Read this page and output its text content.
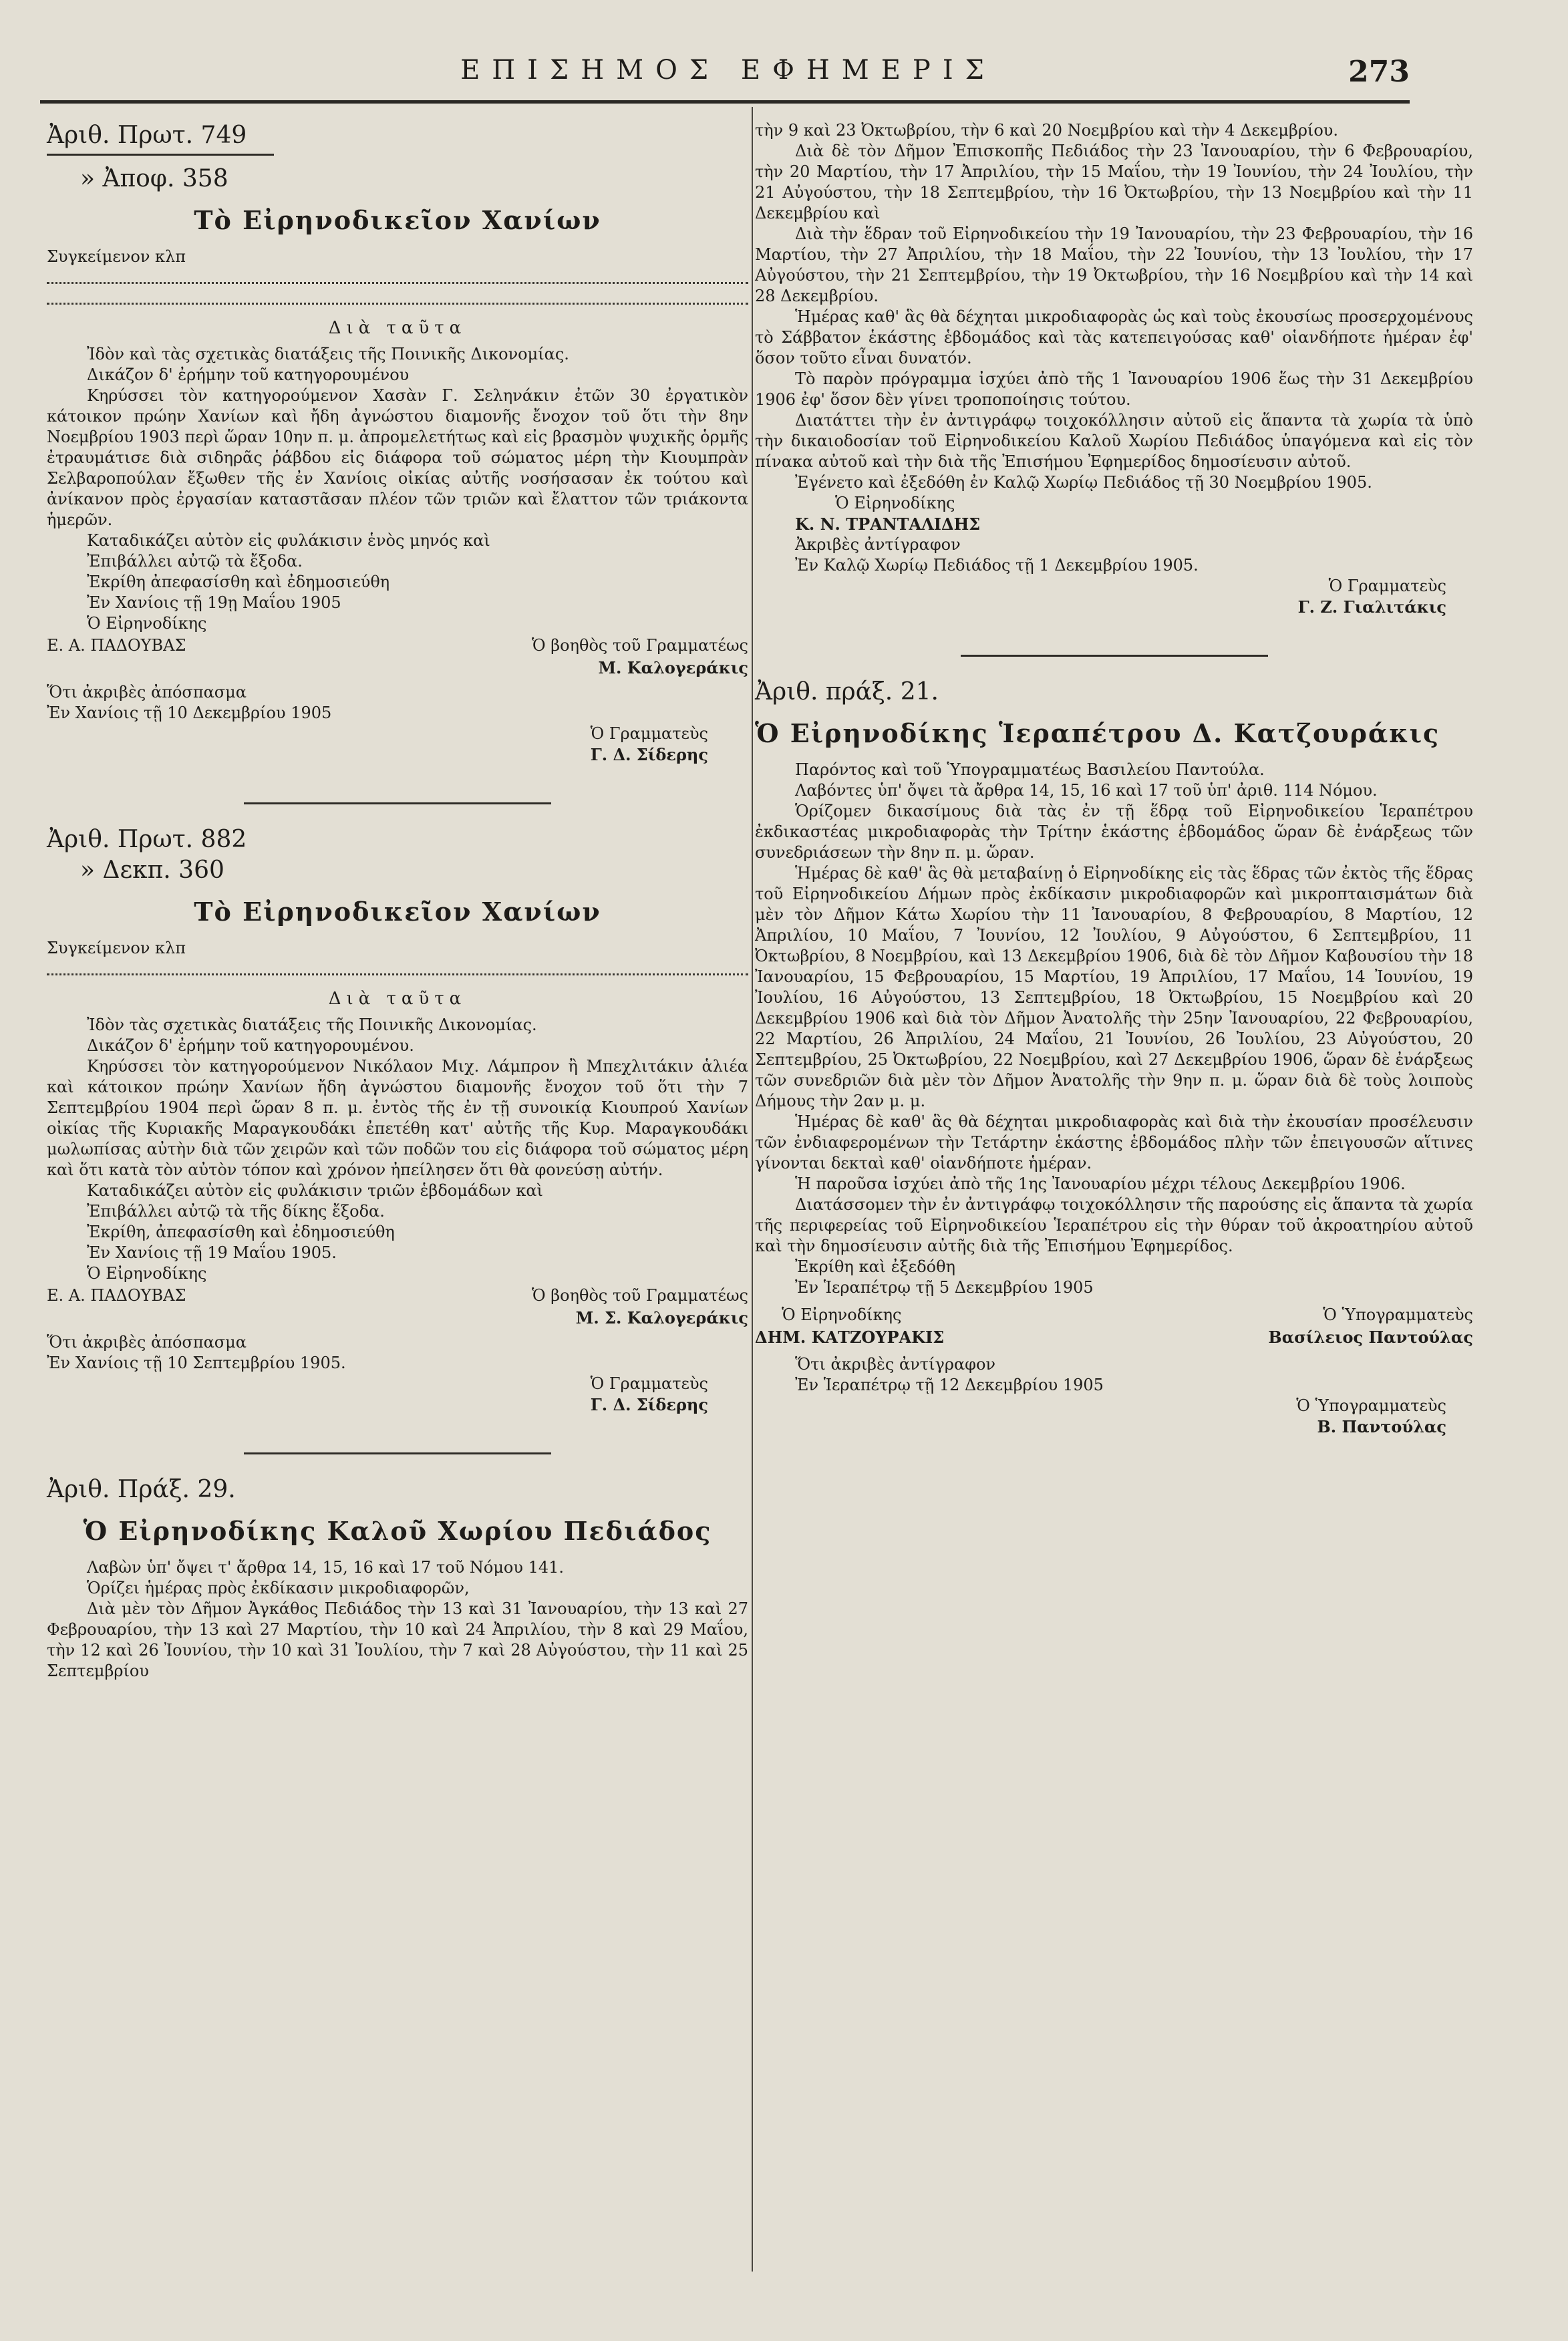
ΕΠΙΣΗΜΟΣ ΕΦΗΜΕΡΙΣ	273
Ἀριθ. Πρωτ. 749
» Ἀποφ. 358
Τὸ Εἰρηνοδικεῖον Χανίων
Συγκείμενον κλπ
Διὰ ταῦτα

Ἰδὸν καὶ τὰς σχετικὰς διατάξεις τῆς Ποινικῆς Δικονομίας.

Δικάζον δ' ἐρήμην τοῦ κατηγορουμένου

Κηρύσσει τὸν κατηγορούμενον Χασὰν Γ. Σεληνάκιν ἐτῶν 30 ἐργατικὸν κάτοικον πρώην Χανίων καὶ ἤδη ἀγνώστου διαμονῆς ἔνοχον τοῦ ὅτι τὴν 8ην Νοεμβρίου 1903 περὶ ὥραν 10ην π. μ. ἀπρομελετήτως καὶ εἰς βρασμὸν ψυχικῆς ὁρμῆς ἐτραυμάτισε διὰ σιδηρᾶς ῥάβδου εἰς διάφορα τοῦ σώματος μέρη τὴν Κιουμπρὰν Σελβαροπούλαν ἔξωθεν τῆς ἐν Χανίοις οἰκίας αὐτῆς νοσήσασαν ἐκ τούτου καὶ ἀνίκανον πρὸς ἐργασίαν καταστᾶσαν πλέον τῶν τριῶν καὶ ἔλαττον τῶν τριάκοντα ἡμερῶν.

Καταδικάζει αὐτὸν εἰς φυλάκισιν ἑνὸς μηνός καὶ

Ἐπιβάλλει αὐτῷ τὰ ἔξοδα.

Ἐκρίθη ἀπεφασίσθη καὶ ἐδημοσιεύθη

Ἐν Χανίοις τῇ 19ῃ Μαΐου 1905

Ὁ Εἰρηνοδίκης

Ε. Α. ΠΑΔΟΥΒΑΣ	Ὁ βοηθὸς τοῦ Γραμματέως
Μ. Καλογεράκις

Ὅτι ἀκριβὲς ἀπόσπασμα

Ἐν Χανίοις τῇ 10 Δεκεμβρίου 1905

Ὁ Γραμματεὺς
Γ. Δ. Σίδερης
Ἀριθ. Πρωτ. 882
» Δεκπ. 360
Τὸ Εἰρηνοδικεῖον Χανίων
Συγκείμενον κλπ
Διὰ ταῦτα

Ἰδὸν τὰς σχετικὰς διατάξεις τῆς Ποινικῆς Δικονομίας.

Δικάζον δ' ἐρήμην τοῦ κατηγορουμένου.

Κηρύσσει τὸν κατηγορούμενον Νικόλαον Μιχ. Λάμπρον ἢ Μπεχλιτάκιν ἁλιέα καὶ κάτοικον πρώην Χανίων ἤδη ἀγνώστου διαμονῆς ἔνοχον τοῦ ὅτι τὴν 7 Σεπτεμβρίου 1904 περὶ ὥραν 8 π. μ. ἐντὸς τῆς ἐν τῇ συνοικίᾳ Κιουπρού Χανίων οἰκίας τῆς Κυριακῆς Μαραγκουδάκι ἐπετέθη κατ' αὐτῆς τῆς Κυρ. Μαραγκουδάκι μωλωπίσας αὐτὴν διὰ τῶν χειρῶν καὶ τῶν ποδῶν του εἰς διάφορα τοῦ σώματος μέρη καὶ ὅτι κατὰ τὸν αὐτὸν τόπον καὶ χρόνον ἠπείλησεν ὅτι θὰ φονεύσῃ αὐτήν.

Καταδικάζει αὐτὸν εἰς φυλάκισιν τριῶν ἑβδομάδων καὶ

Ἐπιβάλλει αὐτῷ τὰ τῆς δίκης ἔξοδα.

Ἐκρίθη, ἀπεφασίσθη καὶ ἐδημοσιεύθη

Ἐν Χανίοις τῇ 19 Μαΐου 1905.

Ὁ Εἰρηνοδίκης

Ε. Α. ΠΑΔΟΥΒΑΣ	Ὁ βοηθὸς τοῦ Γραμματέως
Μ. Σ. Καλογεράκις

Ὅτι ἀκριβὲς ἀπόσπασμα

Ἐν Χανίοις τῇ 10 Σεπτεμβρίου 1905.

Ὁ Γραμματεὺς
Γ. Δ. Σίδερης
Ἀριθ. Πράξ. 29.
Ὁ Εἰρηνοδίκης Καλοῦ Χωρίου Πεδιάδος

Λαβὼν ὑπ' ὄψει τ' ἄρθρα 14, 15, 16 καὶ 17 τοῦ Νόμου 141.

Ὁρίζει ἡμέρας πρὸς ἐκδίκασιν μικροδιαφορῶν,

Διὰ μὲν τὸν Δῆμον Ἀγκάθος Πεδιάδος τὴν 13 καὶ 31 Ἰανουαρίου, τὴν 13 καὶ 27 Φεβρουαρίου, τὴν 13 καὶ 27 Μαρτίου, τὴν 10 καὶ 24 Ἀπριλίου, τὴν 8 καὶ 29 Μαΐου, τὴν 12 καὶ 26 Ἰουνίου, τὴν 10 καὶ 31 Ἰουλίου, τὴν 7 καὶ 28 Αὐγούστου, τὴν 11 καὶ 25 Σεπτεμβρίου

τὴν 9 καὶ 23 Ὀκτωβρίου, τὴν 6 καὶ 20 Νοεμβρίου καὶ τὴν 4 Δεκεμβρίου.

Διὰ δὲ τὸν Δῆμον Ἐπισκοπῆς Πεδιάδος τὴν 23 Ἰανουαρίου, τὴν 6 Φεβρουαρίου, τὴν 20 Μαρτίου, τὴν 17 Ἀπριλίου, τὴν 15 Μαΐου, τὴν 19 Ἰουνίου, τὴν 24 Ἰουλίου, τὴν 21 Αὐγούστου, τὴν 18 Σεπτεμβρίου, τὴν 16 Ὀκτωβρίου, τὴν 13 Νοεμβρίου καὶ τὴν 11 Δεκεμβρίου καὶ

Διὰ τὴν ἕδραν τοῦ Εἰρηνοδικείου τὴν 19 Ἰανουαρίου, τὴν 23 Φεβρουαρίου, τὴν 16 Μαρτίου, τὴν 27 Ἀπριλίου, τὴν 18 Μαΐου, τὴν 22 Ἰουνίου, τὴν 13 Ἰουλίου, τὴν 17 Αὐγούστου, τὴν 21 Σεπτεμβρίου, τὴν 19 Ὀκτωβρίου, τὴν 16 Νοεμβρίου καὶ τὴν 14 καὶ 28 Δεκεμβρίου.

Ἡμέρας καθ' ἃς θὰ δέχηται μικροδιαφορὰς ὡς καὶ τοὺς ἐκουσίως προσερχομένους τὸ Σάββατον ἑκάστης ἑβδομάδος καὶ τὰς κατεπειγούσας καθ' οἱανδήποτε ἡμέραν ἐφ' ὅσον τοῦτο εἶναι δυνατόν.

Τὸ παρὸν πρόγραμμα ἰσχύει ἀπὸ τῆς 1 Ἰανουαρίου 1906 ἕως τὴν 31 Δεκεμβρίου 1906 ἐφ' ὅσον δὲν γίνει τροποποίησις τούτου.

Διατάττει τὴν ἐν ἀντιγράφῳ τοιχοκόλλησιν αὐτοῦ εἰς ἅπαντα τὰ χωρία τὰ ὑπὸ τὴν δικαιοδοσίαν τοῦ Εἰρηνοδικείου Καλοῦ Χωρίου Πεδιάδος ὑπαγόμενα καὶ εἰς τὸν πίνακα αὐτοῦ καὶ τὴν διὰ τῆς Ἐπισήμου Ἐφημερίδος δημοσίευσιν αὐτοῦ.

Ἐγένετο καὶ ἐξεδόθη ἐν Καλῷ Χωρίῳ Πεδιάδος τῇ 30 Νοεμβρίου 1905.

Ὁ Εἰρηνοδίκης
Κ. Ν. ΤΡΑΝΤΑΛΙΔΗΣ

Ἀκριβὲς ἀντίγραφον

Ἐν Καλῷ Χωρίῳ Πεδιάδος τῇ 1 Δεκεμβρίου 1905.

Ὁ Γραμματεὺς
Γ. Ζ. Γιαλιτάκις
Ἀριθ. πράξ. 21.
Ὁ Εἰρηνοδίκης Ἱεραπέτρου Δ. Κατζουράκις

Παρόντος καὶ τοῦ Ὑπογραμματέως Βασιλείου Παντούλα.

Λαβόντες ὑπ' ὄψει τὰ ἄρθρα 14, 15, 16 καὶ 17 τοῦ ὑπ' ἀριθ. 114 Νόμου.

Ὁρίζομεν δικασίμους διὰ τὰς ἐν τῇ ἕδρᾳ τοῦ Εἰρηνοδικείου Ἱεραπέτρου ἐκδικαστέας μικροδιαφορὰς τὴν Τρίτην ἑκάστης ἑβδομάδος ὥραν δὲ ἐνάρξεως τῶν συνεδριάσεων τὴν 8ην π. μ. ὥραν.

Ἡμέρας δὲ καθ' ἃς θὰ μεταβαίνῃ ὁ Εἰρηνοδίκης εἰς τὰς ἕδρας τῶν ἐκτὸς τῆς ἕδρας τοῦ Εἰρηνοδικείου Δήμων πρὸς ἐκδίκασιν μικροδιαφορῶν καὶ μικροπταισμάτων διὰ μὲν τὸν Δῆμον Κάτω Χωρίου τὴν 11 Ἰανουαρίου, 8 Φεβρουαρίου, 8 Μαρτίου, 12 Ἀπριλίου, 10 Μαΐου, 7 Ἰουνίου, 12 Ἰουλίου, 9 Αὐγούστου, 6 Σεπτεμβρίου, 11 Ὀκτωβρίου, 8 Νοεμβρίου, καὶ 13 Δεκεμβρίου 1906, διὰ δὲ τὸν Δῆμον Καβουσίου τὴν 18 Ἰανουαρίου, 15 Φεβρουαρίου, 15 Μαρτίου, 19 Ἀπριλίου, 17 Μαΐου, 14 Ἰουνίου, 19 Ἰουλίου, 16 Αὐγούστου, 13 Σεπτεμβρίου, 18 Ὀκτωβρίου, 15 Νοεμβρίου καὶ 20 Δεκεμβρίου 1906 καὶ διὰ τὸν Δῆμον Ἀνατολῆς τὴν 25ην Ἰανουαρίου, 22 Φεβρουαρίου, 22 Μαρτίου, 26 Ἀπριλίου, 24 Μαΐου, 21 Ἰουνίου, 26 Ἰουλίου, 23 Αὐγούστου, 20 Σεπτεμβρίου, 25 Ὀκτωβρίου, 22 Νοεμβρίου, καὶ 27 Δεκεμβρίου 1906, ὥραν δὲ ἐνάρξεως τῶν συνεδριῶν διὰ μὲν τὸν Δῆμον Ἀνατολῆς τὴν 9ην π. μ. ὥραν διὰ δὲ τοὺς λοιποὺς Δήμους τὴν 2αν μ. μ.

Ἡμέρας δὲ καθ' ἃς θὰ δέχηται μικροδιαφορὰς καὶ διὰ τὴν ἐκουσίαν προσέλευσιν τῶν ἐνδιαφερομένων τὴν Τετάρτην ἑκάστης ἑβδομάδος πλὴν τῶν ἐπειγουσῶν αἵτινες γίνονται δεκταὶ καθ' οἱανδήποτε ἡμέραν.

Ἡ παροῦσα ἰσχύει ἀπὸ τῆς 1ης Ἰανουαρίου μέχρι τέλους Δεκεμβρίου 1906.

Διατάσσομεν τὴν ἐν ἀντιγράφῳ τοιχοκόλλησιν τῆς παρούσης εἰς ἅπαντα τὰ χωρία τῆς περιφερείας τοῦ Εἰρηνοδικείου Ἱεραπέτρου εἰς τὴν θύραν τοῦ ἀκροατηρίου αὐτοῦ καὶ τὴν δημοσίευσιν αὐτῆς διὰ τῆς Ἐπισήμου Ἐφημερίδος.

Ἐκρίθη καὶ ἐξεδόθη

Ἐν Ἱεραπέτρῳ τῇ 5 Δεκεμβρίου 1905

Ὁ Εἰρηνοδίκης	Ὁ Ὑπογραμματεὺς
ΔΗΜ. ΚΑΤΖΟΥΡΑΚΙΣ	Βασίλειος Παντούλας

Ὅτι ἀκριβὲς ἀντίγραφον

Ἐν Ἱεραπέτρῳ τῇ 12 Δεκεμβρίου 1905

Ὁ Ὑπογραμματεὺς
Β. Παντούλας
